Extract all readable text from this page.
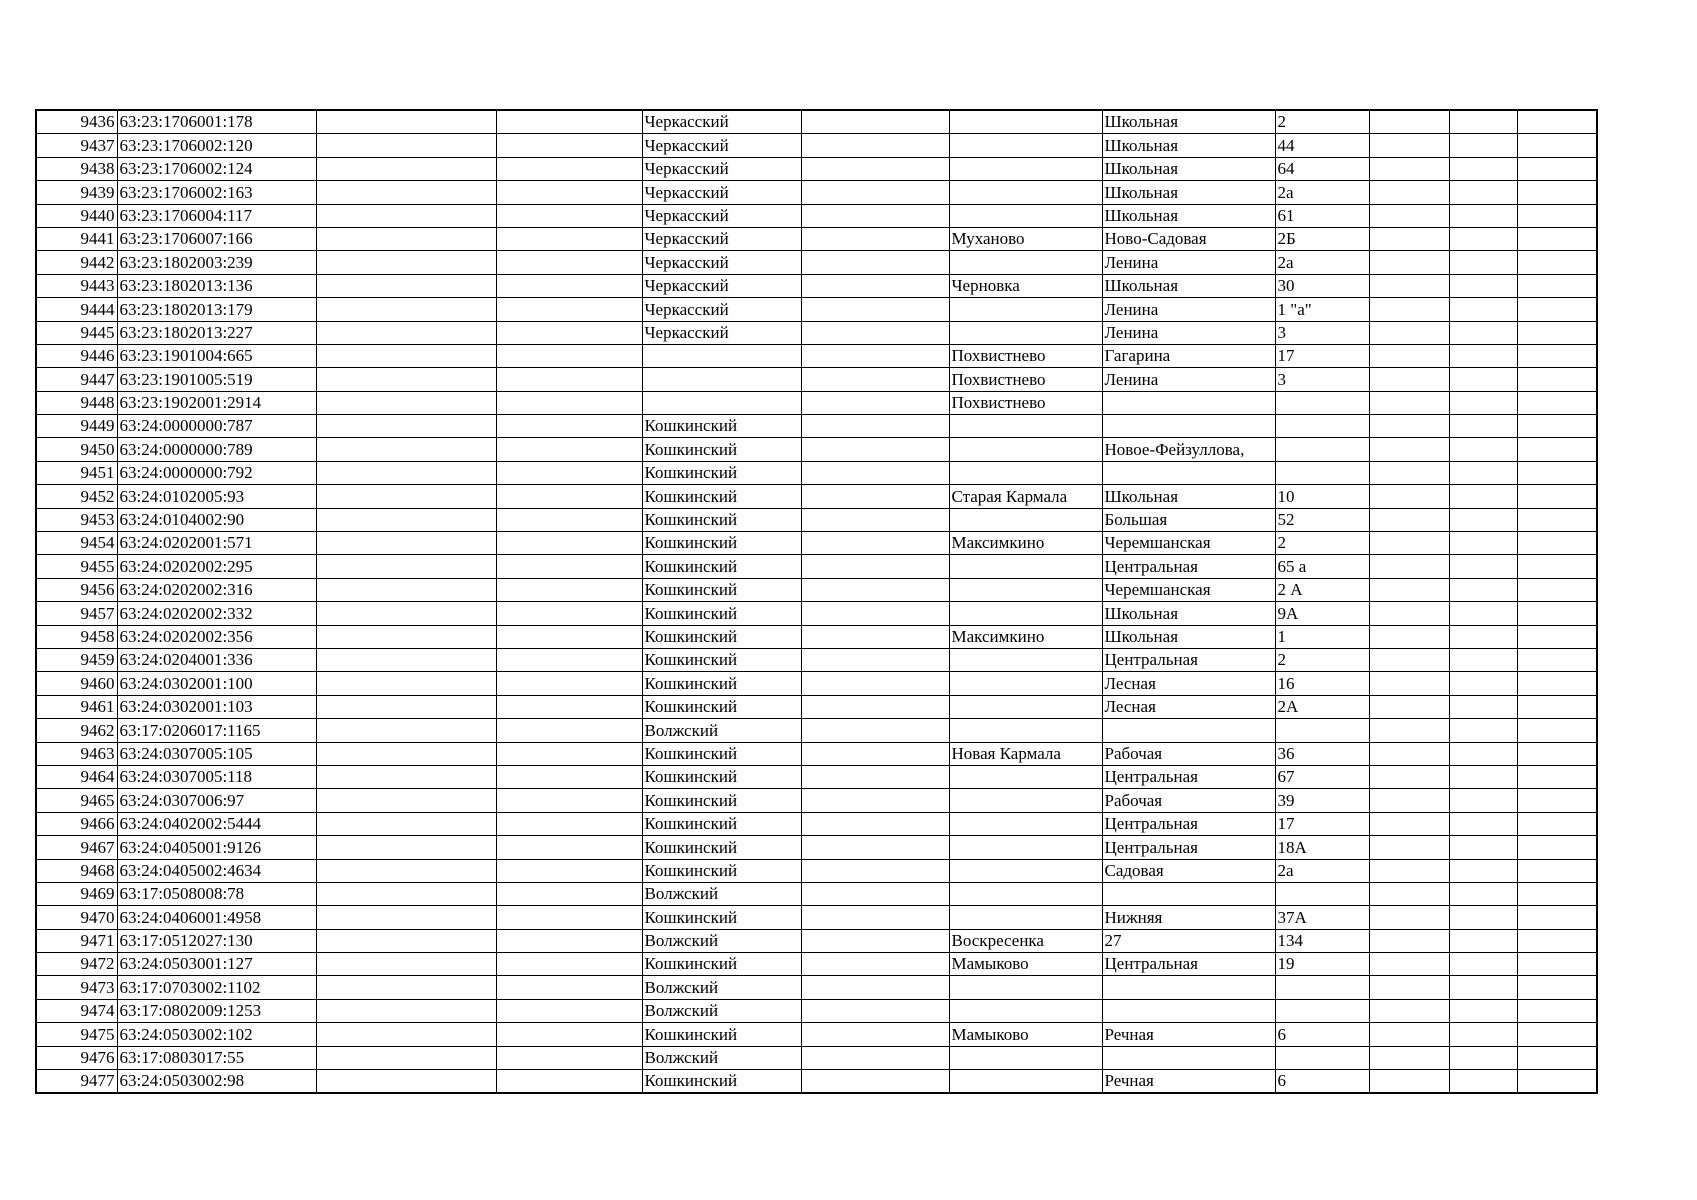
9436	63:23:1706001:178			Черкасский			Школьная	2			
9437	63:23:1706002:120			Черкасский			Школьная	44			
9438	63:23:1706002:124			Черкасский			Школьная	64			
9439	63:23:1706002:163			Черкасский			Школьная	2а			
9440	63:23:1706004:117			Черкасский			Школьная	61			
9441	63:23:1706007:166			Черкасский		Муханово	Ново-Садовая	2Б			
9442	63:23:1802003:239			Черкасский			Ленина	2а			
9443	63:23:1802013:136			Черкасский		Черновка	Школьная	30			
9444	63:23:1802013:179			Черкасский			Ленина	1 "а"			
9445	63:23:1802013:227			Черкасский			Ленина	3			
9446	63:23:1901004:665					Похвистнево	Гагарина	17			
9447	63:23:1901005:519					Похвистнево	Ленина	3			
9448	63:23:1902001:2914					Похвистнево					
9449	63:24:0000000:787			Кошкинский							
9450	63:24:0000000:789			Кошкинский			Новое-Фейзуллова,				
9451	63:24:0000000:792			Кошкинский							
9452	63:24:0102005:93			Кошкинский		Старая Кармала	Школьная	10			
9453	63:24:0104002:90			Кошкинский			Большая	52			
9454	63:24:0202001:571			Кошкинский		Максимкино	Черемшанская	2			
9455	63:24:0202002:295			Кошкинский			Центральная	65 а			
9456	63:24:0202002:316			Кошкинский			Черемшанская	2 А			
9457	63:24:0202002:332			Кошкинский			Школьная	9А			
9458	63:24:0202002:356			Кошкинский		Максимкино	Школьная	1			
9459	63:24:0204001:336			Кошкинский			Центральная	2			
9460	63:24:0302001:100			Кошкинский			Лесная	16			
9461	63:24:0302001:103			Кошкинский			Лесная	2А			
9462	63:17:0206017:1165			Волжский							
9463	63:24:0307005:105			Кошкинский		Новая Кармала	Рабочая	36			
9464	63:24:0307005:118			Кошкинский			Центральная	67			
9465	63:24:0307006:97			Кошкинский			Рабочая	39			
9466	63:24:0402002:5444			Кошкинский			Центральная	17			
9467	63:24:0405001:9126			Кошкинский			Центральная	18А			
9468	63:24:0405002:4634			Кошкинский			Садовая	2а			
9469	63:17:0508008:78			Волжский							
9470	63:24:0406001:4958			Кошкинский			Нижняя	37А			
9471	63:17:0512027:130			Волжский		Воскресенка	27	134			
9472	63:24:0503001:127			Кошкинский		Мамыково	Центральная	19			
9473	63:17:0703002:1102			Волжский							
9474	63:17:0802009:1253			Волжский							
9475	63:24:0503002:102			Кошкинский		Мамыково	Речная	6			
9476	63:17:0803017:55			Волжский							
9477	63:24:0503002:98			Кошкинский			Речная	6			
